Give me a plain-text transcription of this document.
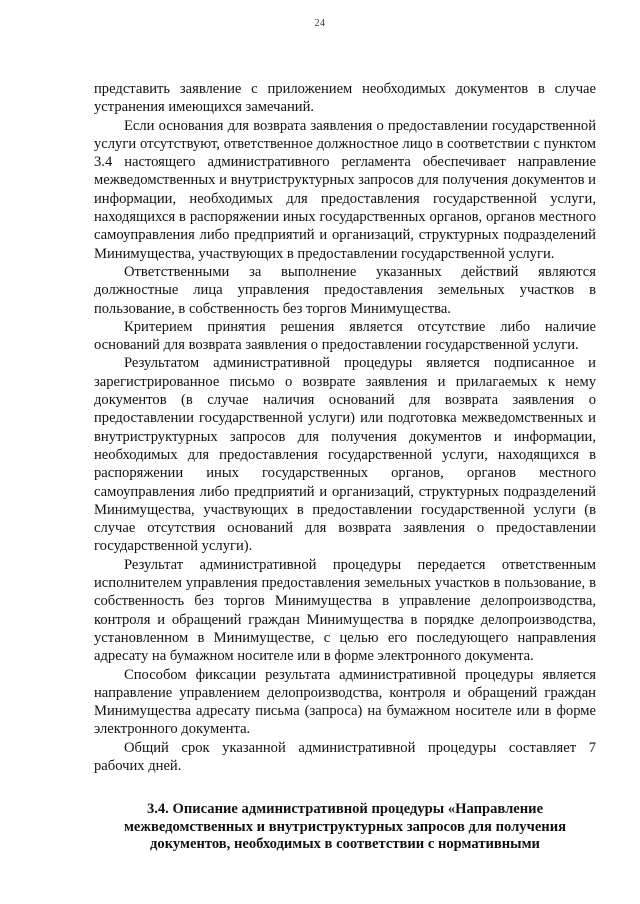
24

представить заявление с приложением необходимых документов в случае устранения имеющихся замечаний.

Если основания для возврата заявления о предоставлении государственной услуги отсутствуют, ответственное должностное лицо в соответствии с пунктом 3.4 настоящего административного регламента обеспечивает направление межведомственных и внутриструктурных запросов для получения документов и информации, необходимых для предоставления государственной услуги, находящихся в распоряжении иных государственных органов, органов местного самоуправления либо предприятий и организаций, структурных подразделений Минимущества, участвующих в предоставлении государственной услуги.

Ответственными за выполнение указанных действий являются должностные лица управления предоставления земельных участков в пользование, в собственность без торгов Минимущества.

Критерием принятия решения является отсутствие либо наличие оснований для возврата заявления о предоставлении государственной услуги.

Результатом административной процедуры является подписанное и зарегистрированное письмо о возврате заявления и прилагаемых к нему документов (в случае наличия оснований для возврата заявления о предоставлении государственной услуги) или подготовка межведомственных и внутриструктурных запросов для получения документов и информации, необходимых для предоставления государственной услуги, находящихся в распоряжении иных государственных органов, органов местного самоуправления либо предприятий и организаций, структурных подразделений Минимущества, участвующих в предоставлении государственной услуги (в случае отсутствия оснований для возврата заявления о предоставлении государственной услуги).

Результат административной процедуры передается ответственным исполнителем управления предоставления земельных участков в пользование, в собственность без торгов Минимущества в управление делопроизводства, контроля и обращений граждан Минимущества в порядке делопроизводства, установленном в Минимуществе, с целью его последующего направления адресату на бумажном носителе или в форме электронного документа.

Способом фиксации результата административной процедуры является направление управлением делопроизводства, контроля и обращений граждан Минимущества адресату письма (запроса) на бумажном носителе или в форме электронного документа.

Общий срок указанной административной процедуры составляет 7 рабочих дней.

3.4. Описание административной процедуры «Направление межведомственных и внутриструктурных запросов для получения документов, необходимых в соответствии с нормативными
